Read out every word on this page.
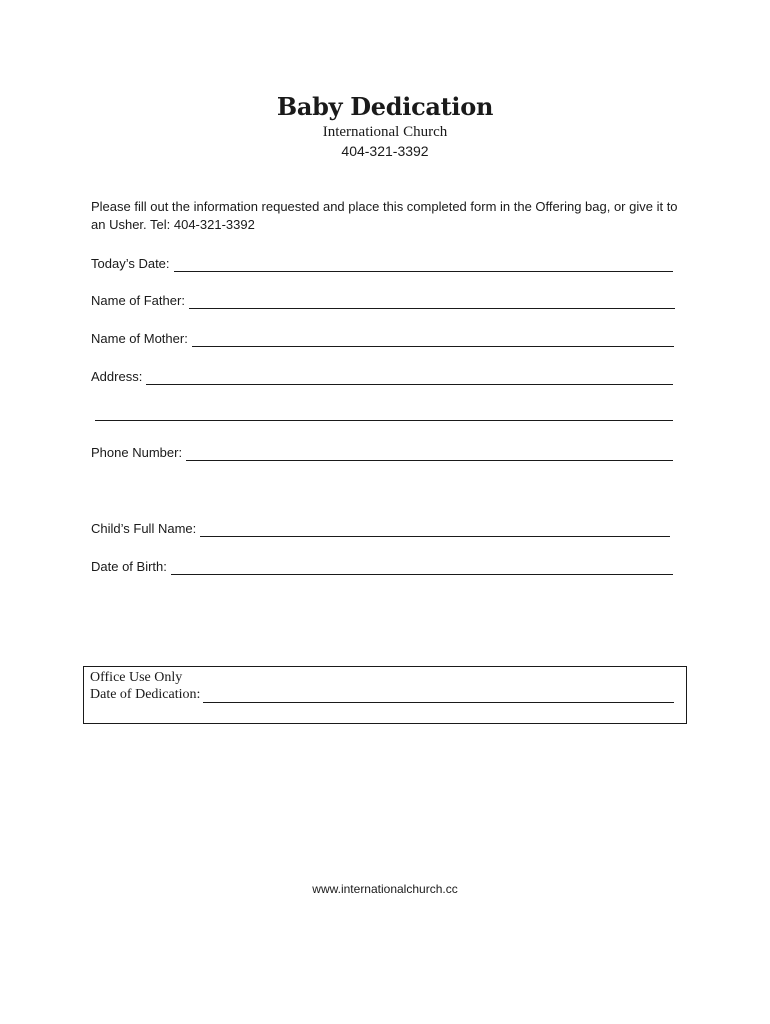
Baby Dedication
International Church
404-321-3392
Please fill out the information requested and place this completed form in the Offering bag, or give it to an Usher. Tel: 404-321-3392
Today’s Date:
Name of Father:
Name of Mother:
Address:
Phone Number:
Child’s Full Name:
Date of Birth:
Office Use Only
Date of Dedication:
www.internationalchurch.cc
